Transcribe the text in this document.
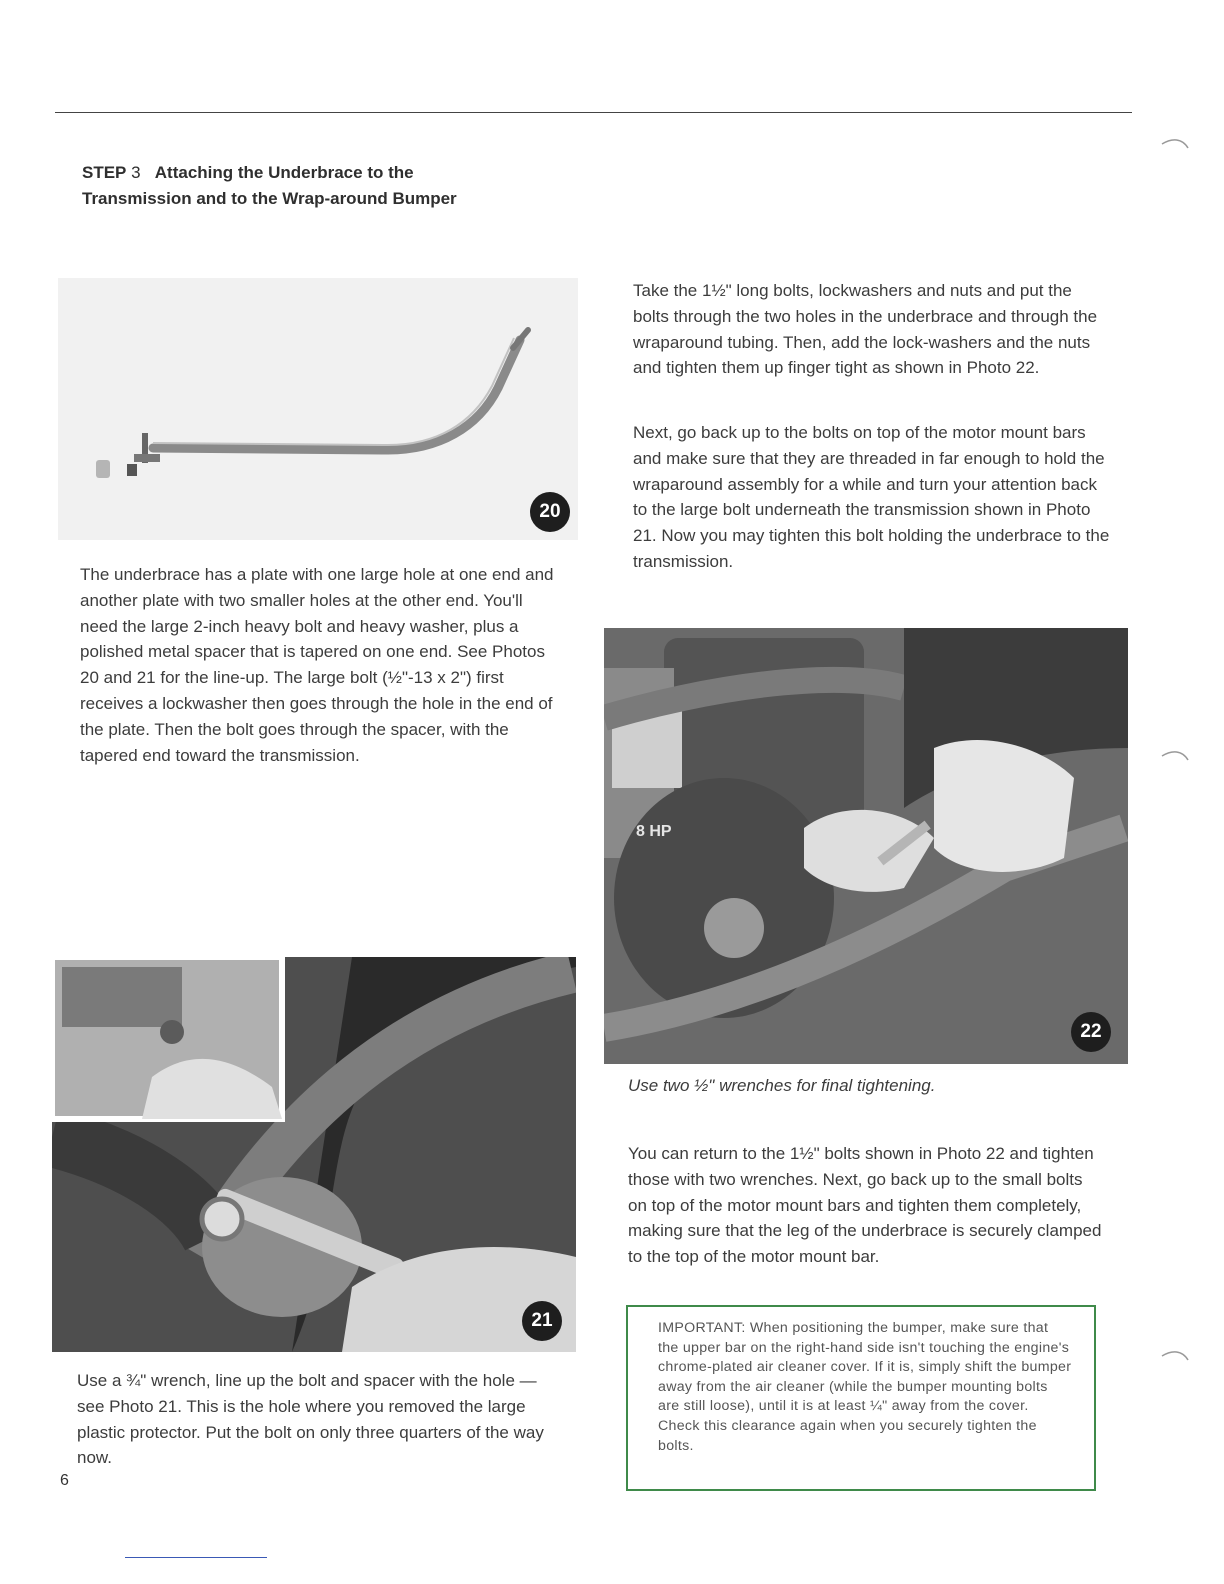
STEP 3 Attaching the Underbrace to the
Transmission and to the Wrap-around Bumper
20

The underbrace has a plate with one large hole at one end and another plate with two smaller holes at the other end. You'll need the large 2-inch heavy bolt and heavy washer, plus a polished metal spacer that is tapered on one end. See Photos 20 and 21 for the line-up. The large bolt (½"-13 x 2") first receives a lockwasher then goes through the hole in the end of the plate. Then the bolt goes through the spacer, with the tapered end toward the transmission.

21

Use a ¾" wrench, line up the bolt and spacer with the hole — see Photo 21. This is the hole where you removed the large plastic protector. Put the bolt on only three quarters of the way now.

Take the 1½" long bolts, lockwashers and nuts and put the bolts through the two holes in the underbrace and through the wraparound tubing. Then, add the lock-washers and the nuts and tighten them up finger tight as shown in Photo 22.

Next, go back up to the bolts on top of the motor mount bars and make sure that they are threaded in far enough to hold the wraparound assembly for a while and turn your attention back to the large bolt underneath the transmission shown in Photo 21. Now you may tighten this bolt holding the underbrace to the transmission.

8 HP
22
Use two ½" wrenches for final tightening.

You can return to the 1½" bolts shown in Photo 22 and tighten those with two wrenches. Next, go back up to the small bolts on top of the motor mount bars and tighten them completely, making sure that the leg of the underbrace is securely clamped to the top of the motor mount bar.

IMPORTANT: When positioning the bumper, make sure that the upper bar on the right-hand side isn't touching the engine's chrome-plated air cleaner cover. If it is, simply shift the bumper away from the air cleaner (while the bumper mounting bolts are still loose), until it is at least ¼" away from the cover. Check this clearance again when you securely tighten the bolts.

6
